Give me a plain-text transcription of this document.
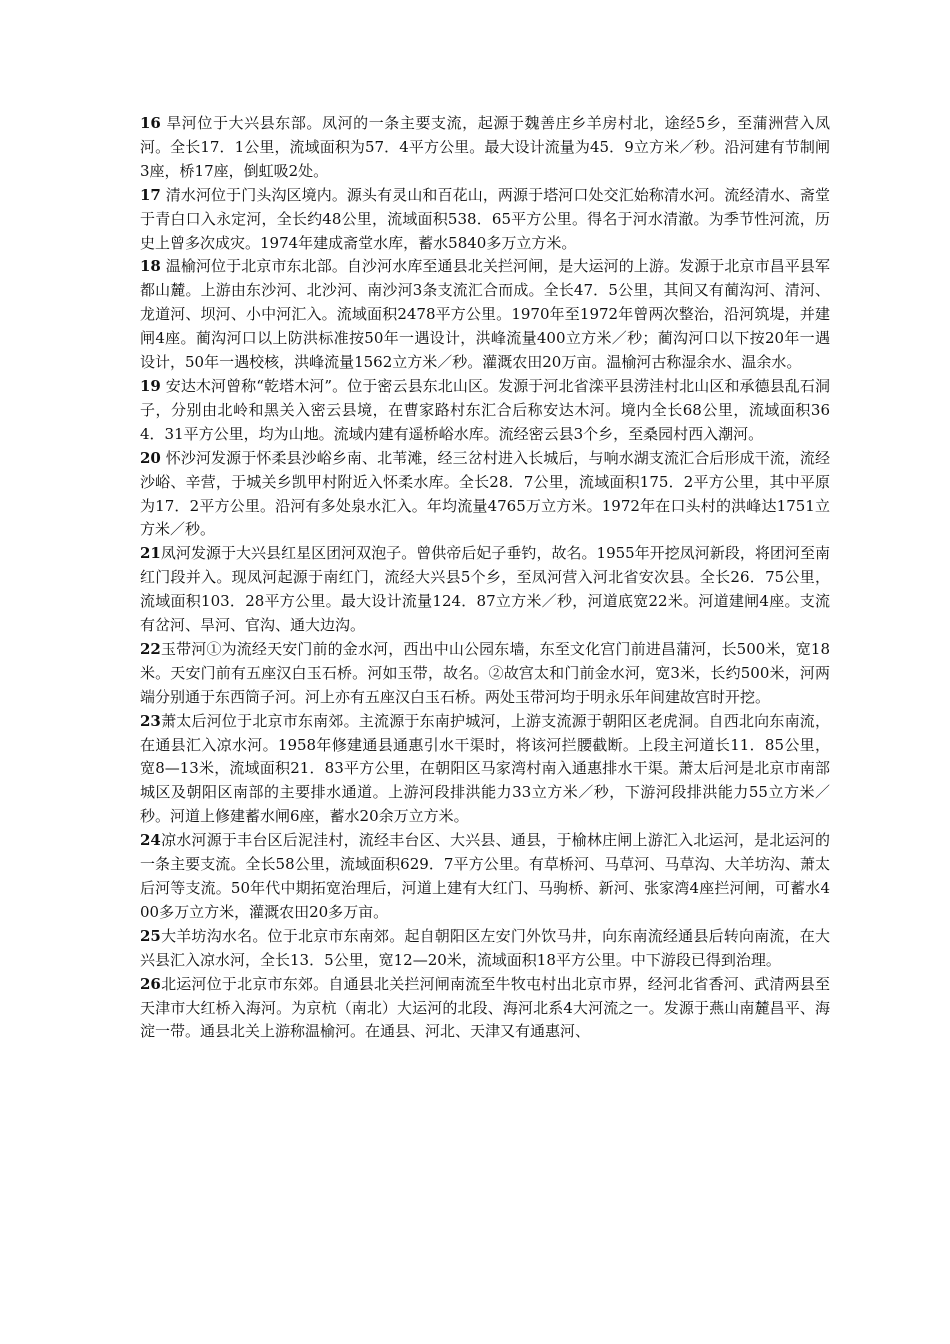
16 旱河位于大兴县东部。凤河的一条主要支流，起源于魏善庄乡羊房村北，途经5乡，至蒲洲营入凤河。全长17．1公里，流域面积为57．4平方公里。最大设计流量为45．9立方米／秒。沿河建有节制闸3座，桥17座，倒虹吸2处。

17 清水河位于门头沟区境内。源头有灵山和百花山，两源于塔河口处交汇始称清水河。流经清水、斋堂于青白口入永定河，全长约48公里，流域面积538．65平方公里。得名于河水清澈。为季节性河流，历史上曾多次成灾。1974年建成斋堂水库，蓄水5840多万立方米。

18 温榆河位于北京市东北部。自沙河水库至通县北关拦河闸，是大运河的上游。发源于北京市昌平县军都山麓。上游由东沙河、北沙河、南沙河3条支流汇合而成。全长47．5公里，其间又有蔺沟河、清河、龙道河、坝河、小中河汇入。流域面积2478平方公里。1970年至1972年曾两次整治，沿河筑堤，并建闸4座。蔺沟河口以上防洪标准按50年一遇设计，洪峰流量400立方米／秒；蔺沟河口以下按20年一遇设计，50年一遇校核，洪峰流量1562立方米／秒。灌溉农田20万亩。温榆河古称湿余水、温余水。

19 安达木河曾称“乾塔木河”。位于密云县东北山区。发源于河北省滦平县涝洼村北山区和承德县乱石洞子，分别由北岭和黑关入密云县境，在曹家路村东汇合后称安达木河。境内全长68公里，流域面积364．31平方公里，均为山地。流域内建有遥桥峪水库。流经密云县3个乡，至桑园村西入潮河。

20 怀沙河发源于怀柔县沙峪乡南、北苇滩，经三岔村进入长城后，与响水湖支流汇合后形成干流，流经沙峪、辛营，于城关乡凯甲村附近入怀柔水库。全长28．7公里，流域面积175．2平方公里，其中平原为17．2平方公里。沿河有多处泉水汇入。年均流量4765万立方米。1972年在口头村的洪峰达1751立方米／秒。

21凤河发源于大兴县红星区团河双泡子。曾供帝后妃子垂钓，故名。1955年开挖凤河新段，将团河至南红门段并入。现凤河起源于南红门，流经大兴县5个乡，至凤河营入河北省安次县。全长26．75公里，流域面积103．28平方公里。最大设计流量124．87立方米／秒，河道底宽22米。河道建闸4座。支流有岔河、旱河、官沟、通大边沟。

22玉带河①为流经天安门前的金水河，西出中山公园东墙，东至文化宫门前进昌蒲河，长500米，宽18米。天安门前有五座汉白玉石桥。河如玉带，故名。②故宫太和门前金水河，宽3米，长约500米，河两端分别通于东西筒子河。河上亦有五座汉白玉石桥。两处玉带河均于明永乐年间建故宫时开挖。

23萧太后河位于北京市东南郊。主流源于东南护城河，上游支流源于朝阳区老虎洞。自西北向东南流，在通县汇入凉水河。1958年修建通县通惠引水干渠时，将该河拦腰截断。上段主河道长11．85公里，宽8—13米，流域面积21．83平方公里，在朝阳区马家湾村南入通惠排水干渠。萧太后河是北京市南部城区及朝阳区南部的主要排水通道。上游河段排洪能力33立方米／秒，下游河段排洪能力55立方米／秒。河道上修建蓄水闸6座，蓄水20余万立方米。

24凉水河源于丰台区后泥洼村，流经丰台区、大兴县、通县，于榆林庄闸上游汇入北运河，是北运河的一条主要支流。全长58公里，流域面积629．7平方公里。有草桥河、马草河、马草沟、大羊坊沟、萧太后河等支流。50年代中期拓宽治理后，河道上建有大红门、马驹桥、新河、张家湾4座拦河闸，可蓄水400多万立方米，灌溉农田20多万亩。

25大羊坊沟水名。位于北京市东南郊。起自朝阳区左安门外饮马井，向东南流经通县后转向南流，在大兴县汇入凉水河，全长13．5公里，宽12—20米，流域面积18平方公里。中下游段已得到治理。

26北运河位于北京市东郊。自通县北关拦河闸南流至牛牧屯村出北京市界，经河北省香河、武清两县至天津市大红桥入海河。为京杭（南北）大运河的北段、海河北系4大河流之一。发源于燕山南麓昌平、海淀一带。通县北关上游称温榆河。在通县、河北、天津又有通惠河、
